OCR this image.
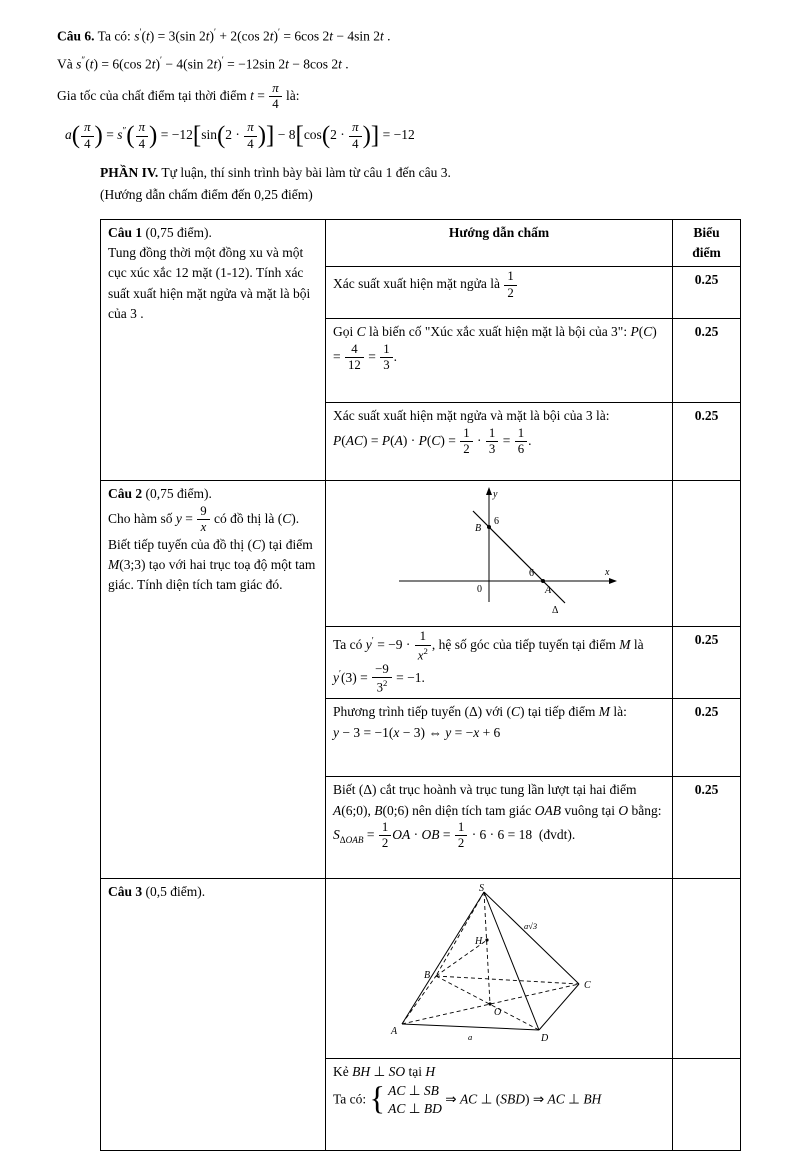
Câu 6. Ta có: s′(t) = 3(sin 2t)′ + 2(cos 2t)′ = 6cos 2t − 4sin 2t .

Và s″(t) = 6(cos 2t)′ − 4(sin 2t)′ = −12sin 2t − 8cos 2t .

Gia tốc của chất điểm tại thời điểm $t = \frac{\pi}{4}$ là:

$a( \frac{\pi}{4}$ ) = $s''( \frac{\pi}{4}$ ) = $-12[\sin(2 \cdot \frac{\pi}{4}$ )] − $8[\cos(2 \cdot \frac{\pi}{4}$ )] = −12

PHẦN IV. Tự luận, thí sinh trình bày bài làm từ câu 1 đến câu 3.

(Hướng dẫn chấm điểm đến 0,25 điểm)

Câu 1 (0,75 điểm).
Tung đồng thời một đồng xu và một cục xúc xắc 12 mặt (1-12). Tính xác suất xuất hiện mặt ngửa và mặt là bội của 3 .	Hướng dẫn chấm	Biểu điểm
	Xác suất xuất hiện mặt ngửa là $\frac{1}{2}$	0.25
Gọi C là biến cố "Xúc xắc xuất hiện mặt là bội của 3": $P(C) = \frac{4}{12} = \frac{1}{3}$ .	0.25
Xác suất xuất hiện mặt ngửa và mặt là bội của 3 là:
$P(AC) = P(A) \cdot P(C) = \frac{1}{2} \cdot \frac{1}{3} = \frac{1}{6}$ .	0.25
Câu 2 (0,75 điểm).
Cho hàm số $y = \frac{9}{x}$ có đồ thị là (C). Biết tiếp tuyến của đồ thị (C) tại điểm M(3;3) tạo với hai trục toạ độ một tam giác. Tính diện tích tam giác đó.	
y
x
0
B
6
6
A
Δ

Ta có $y' = -9 \cdot \frac{1}{x^2}$ , hệ số góc của tiếp tuyến tại điểm M là $y'(3) = \frac{-9}{3^2} = -1$.	0.25
	Phương trình tiếp tuyến (Δ) với (C) tại tiếp điểm M là:
y − 3 = −1(x − 3) ⇔ y = −x + 6	0.25
Biết (Δ) cắt trục hoành và trục tung lần lượt tại hai điểm A(6;0), B(0;6) nên diện tích tam giác OAB vuông tại O bằng:
$S_{\Delta OAB} = \frac{1}{2}$ OA · OB = $\frac{1}{2} \cdot 6 \cdot 6 = 18$  (đvdt).	0.25
Câu 3 (0,5 điểm).	S
H
B
C
O
A
D
a√3
a

Kẻ BH ⊥ SO tại H
Ta có: { AC ⊥ SB
AC ⊥ BD
⇒ AC ⊥ (SBD) ⇒ AC ⊥ BH	
